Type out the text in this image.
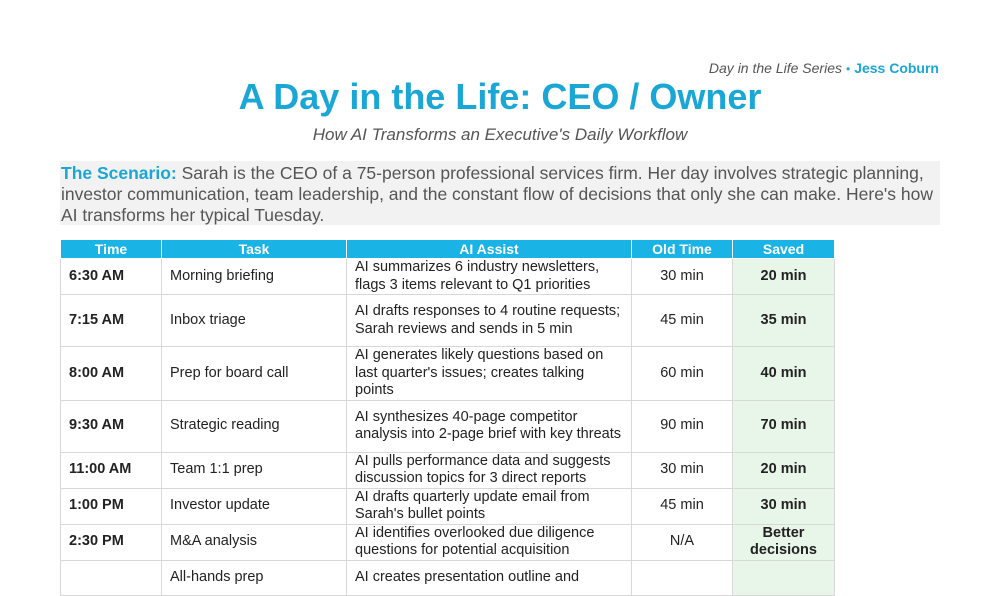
Day in the Life Series • Jess Coburn
A Day in the Life: CEO / Owner
How AI Transforms an Executive's Daily Workflow
The Scenario: Sarah is the CEO of a 75-person professional services firm. Her day involves strategic planning, investor communication, team leadership, and the constant flow of decisions that only she can make. Here's how AI transforms her typical Tuesday.
Time	Task	AI Assist	Old Time	Saved
6:30 AM	Morning briefing	AI summarizes 6 industry newsletters, flags 3 items relevant to Q1 priorities	30 min	20 min
7:15 AM	Inbox triage	AI drafts responses to 4 routine requests; Sarah reviews and sends in 5 min	45 min	35 min
8:00 AM	Prep for board call	AI generates likely questions based on last quarter's issues; creates talking points	60 min	40 min
9:30 AM	Strategic reading	AI synthesizes 40-page competitor analysis into 2-page brief with key threats	90 min	70 min
11:00 AM	Team 1:1 prep	AI pulls performance data and suggests discussion topics for 3 direct reports	30 min	20 min
1:00 PM	Investor update	AI drafts quarterly update email from Sarah's bullet points	45 min	30 min
2:30 PM	M&A analysis	AI identifies overlooked due diligence questions for potential acquisition	N/A	Better decisions
	All-hands prep	AI creates presentation outline and		
